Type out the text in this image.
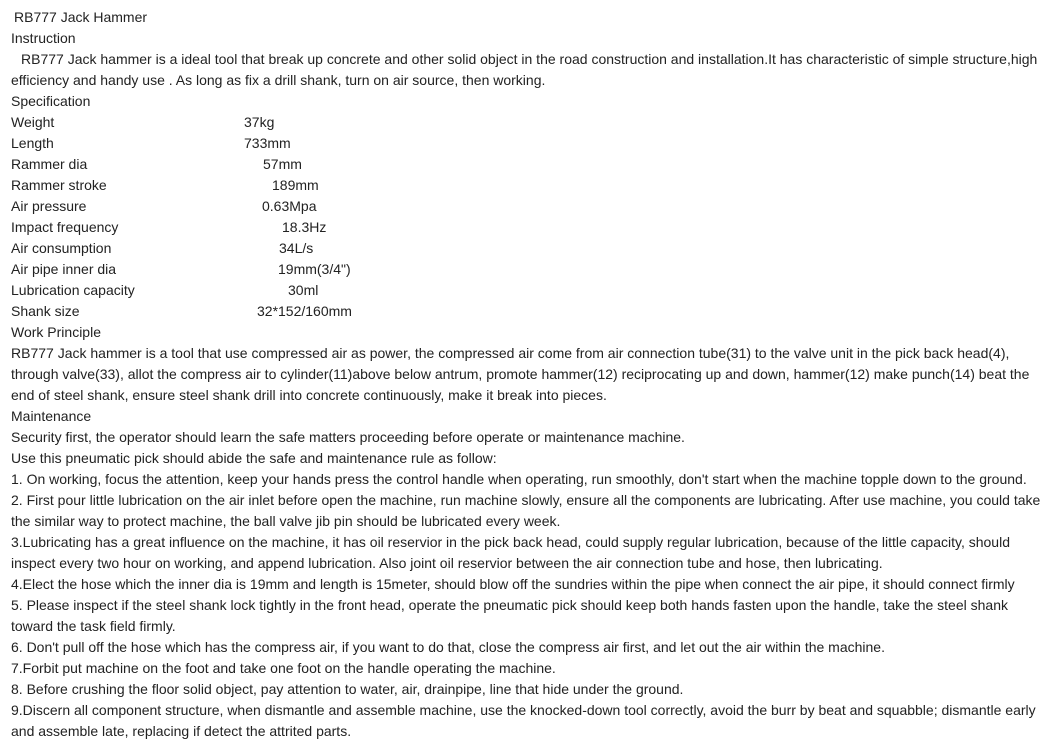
RB777 Jack Hammer
Instruction
RB777 Jack hammer is a ideal tool that break up concrete and other solid object in the road construction and installation.It has characteristic of simple structure,high efficiency and handy use . As long as fix a drill shank, turn on air source, then working.
Specification
Weight	37kg
Length	733mm
Rammer dia	57mm
Rammer stroke	189mm
Air pressure	0.63Mpa
Impact frequency	18.3Hz
Air consumption	34L/s
Air pipe inner dia	19mm(3/4")
Lubrication capacity	30ml
Shank size	32*152/160mm
Work Principle
RB777 Jack hammer is a tool that use compressed air as power, the compressed air come from air connection tube(31) to the valve unit in the pick back head(4), through valve(33), allot the compress air to cylinder(11)above below antrum, promote hammer(12) reciprocating up and down, hammer(12) make punch(14) beat the end of steel shank, ensure steel shank drill into concrete continuously, make it break into pieces.
Maintenance
Security first, the operator should learn the safe matters proceeding before operate or maintenance machine.
Use this pneumatic pick should abide the safe and maintenance rule as follow:
1. On working, focus the attention, keep your hands press the control handle when operating, run smoothly, don't start when the machine topple down to the ground.
2. First pour little lubrication on the air inlet before open the machine, run machine slowly, ensure all the components are lubricating. After use machine, you could take the similar way to protect machine, the ball valve jib pin should be lubricated every week.
3.Lubricating has a great influence on the machine, it has oil reservior in the pick back head, could supply regular lubrication, because of the little capacity, should inspect every two hour on working, and append lubrication. Also joint oil reservior between the air connection tube and hose, then lubricating.
4.Elect the hose which the inner dia is 19mm and length is 15meter, should blow off the sundries within the pipe when connect the air pipe, it should connect firmly
5. Please inspect if the steel shank lock tightly in the front head, operate the pneumatic pick should keep both hands fasten upon the handle, take the steel shank toward the task field firmly.
6. Don't pull off the hose which has the compress air, if you want to do that, close the compress air first, and let out the air within the machine.
7.Forbit put machine on the foot and take one foot on the handle operating the machine.
8. Before crushing the floor solid object, pay attention to water, air, drainpipe, line that hide under the ground.
9.Discern all component structure, when dismantle and assemble machine, use the knocked-down tool correctly, avoid the burr by beat and squabble; dismantle early and assemble late, replacing if detect the attrited parts.
